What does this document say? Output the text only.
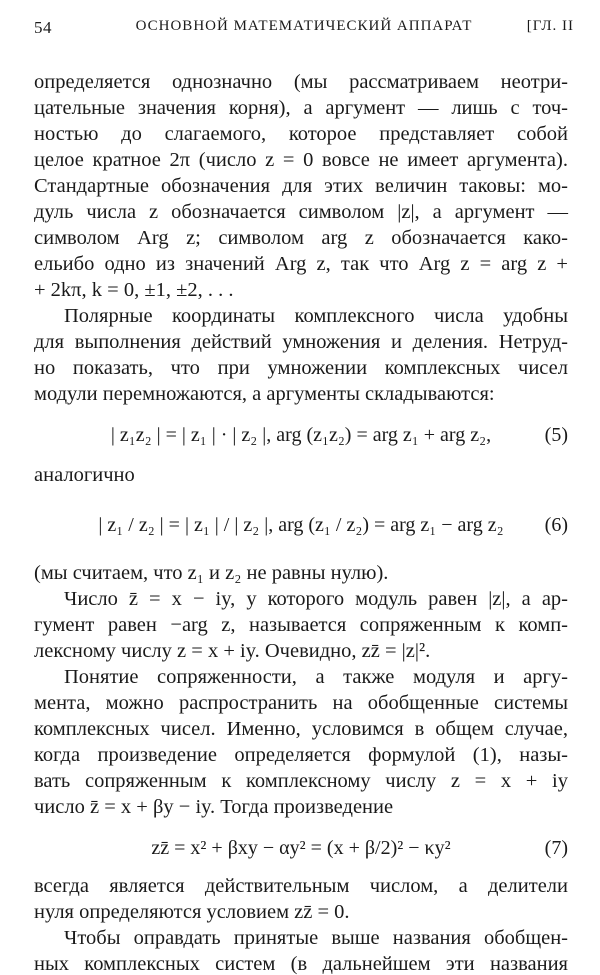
54	ОСНОВНОЙ МАТЕМАТИЧЕСКИЙ АППАРАТ	[ГЛ. II
определяется однозначно (мы рассматриваем неотри-
цательные значения корня), а аргумент — лишь с точ-
ностью до слагаемого, которое представляет собой
целое кратное 2π (число z = 0 вовсе не имеет аргумента).
Стандартные обозначения для этих величин таковы: мо-
дуль числа z обозначается символом |z|, а аргумент —
символом Arg z; символом arg z обозначается како-
ельибо одно из значений Arg z, так что Arg z = arg z +
+ 2kπ, k = 0, ±1, ±2, . . .
Полярные координаты комплексного числа удобны
для выполнения действий умножения и деления. Нетруд-
но показать, что при умножении комплексных чисел
модули перемножаются, а аргументы складываются:
| z₁z₂ | = | z₁ | · | z₂ |, arg (z₁z₂) = arg z₁ + arg z₂,	(5)
аналогично
| z₁ / z₂ | = | z₁ | / | z₂ |, arg (z₁ / z₂) = arg z₁ − arg z₂	(6)
(мы считаем, что z₁ и z₂ не равны нулю).
Число z̄ = x − iy, у которого модуль равен |z|, а ар-
гумент равен −arg z, называется сопряженным к комп-
лексному числу z = x + iy. Очевидно, zz̄ = |z|².
Понятие сопряженности, а также модуля и аргу-
мента, можно распространить на обобщенные системы
комплексных чисел. Именно, условимся в общем случае,
когда произведение определяется формулой (1), назы-
вать сопряженным к комплексному числу z = x + iy
число z̄ = x + βy − iy. Тогда произведение
zz̄ = x² + βxy − αy² = (x + β/2)² − κy²	(7)
всегда является действительным числом, а делители
нуля определяются условием zz̄ = 0.
Чтобы оправдать принятые выше названия обобщен-
ных комплексных систем (в дальнейшем эти названия
